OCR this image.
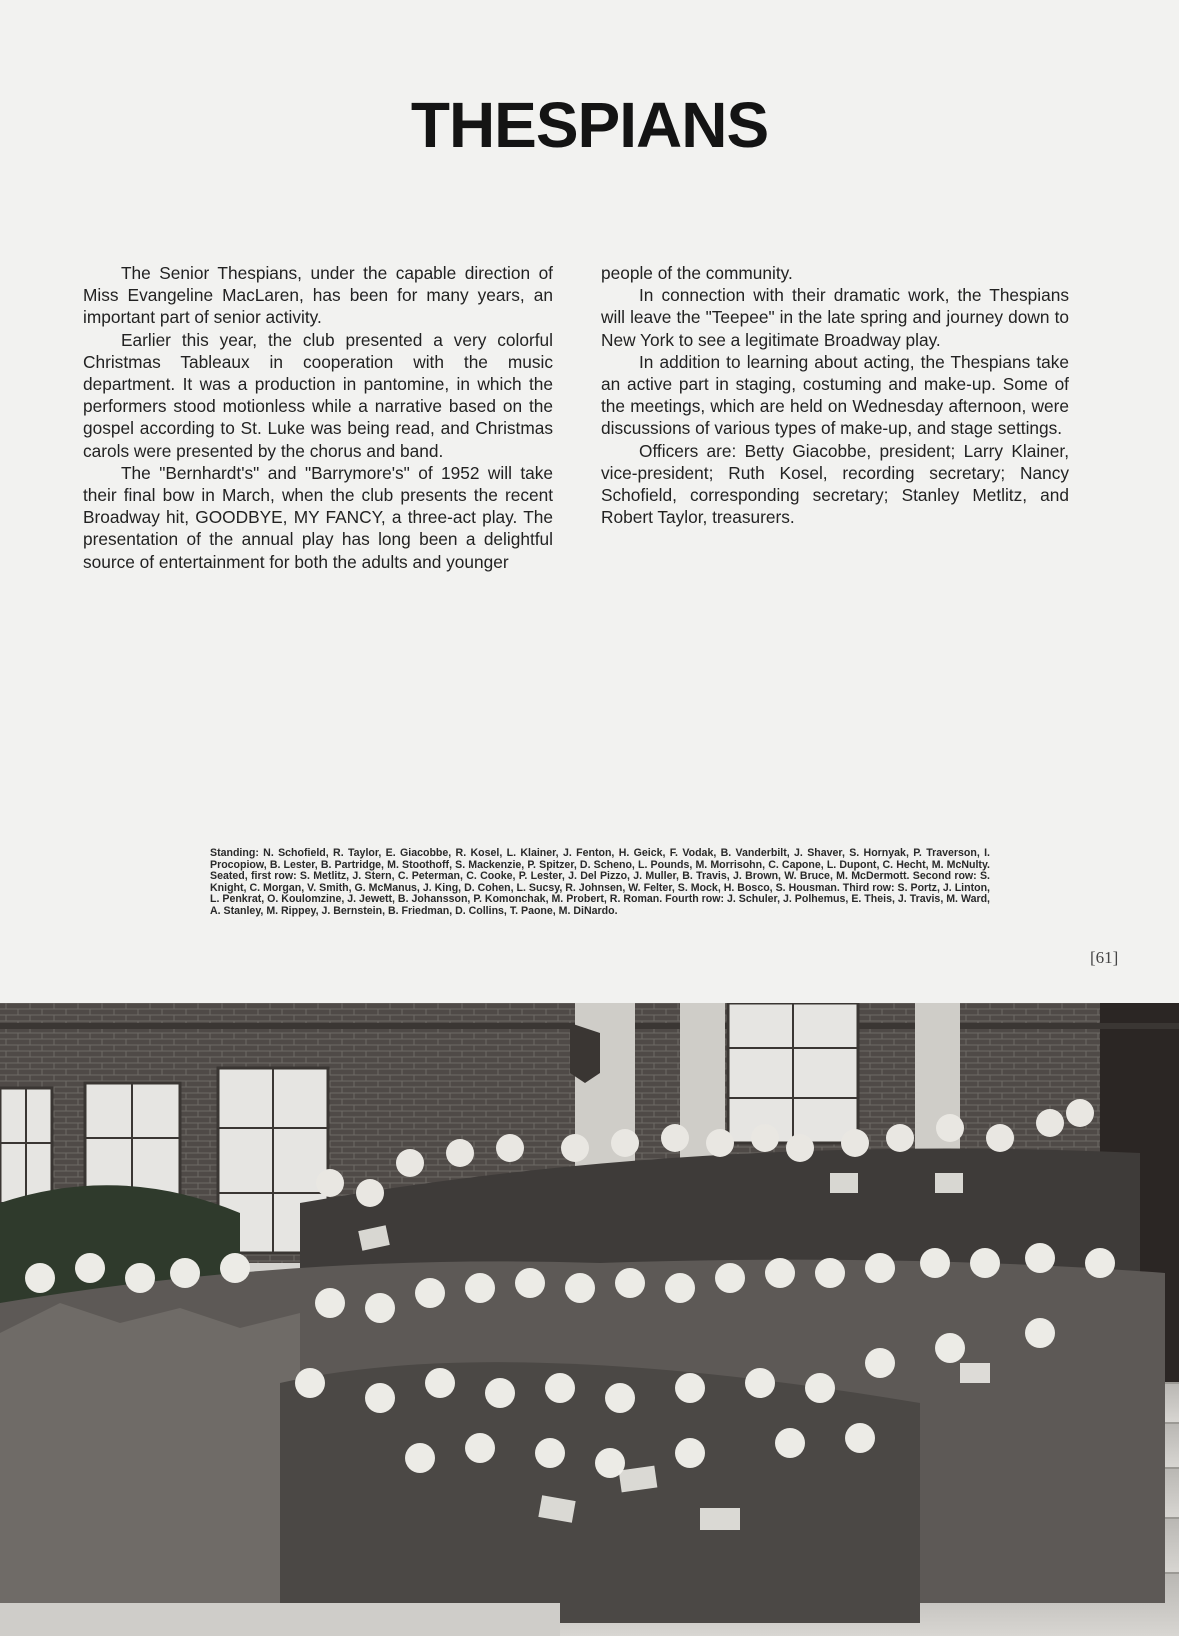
THESPIANS

The Senior Thespians, under the capable direction of Miss Evangeline MacLaren, has been for many years, an important part of senior activity.

Earlier this year, the club presented a very colorful Christmas Tableaux in cooperation with the music department. It was a production in pantomine, in which the performers stood motionless while a narrative based on the gospel according to St. Luke was being read, and Christmas carols were presented by the chorus and band.

The "Bernhardt's" and "Barrymore's" of 1952 will take their final bow in March, when the club presents the recent Broadway hit, GOODBYE, MY FANCY, a three-act play. The presentation of the annual play has long been a delightful source of entertainment for both the adults and younger

people of the community.

In connection with their dramatic work, the Thespians will leave the "Teepee" in the late spring and journey down to New York to see a legitimate Broadway play.

In addition to learning about acting, the Thespians take an active part in staging, costuming and make-up. Some of the meetings, which are held on Wednesday afternoon, were discussions of various types of make-up, and stage settings.

Officers are: Betty Giacobbe, president; Larry Klainer, vice-president; Ruth Kosel, recording secretary; Nancy Schofield, corresponding secretary; Stanley Metlitz, and Robert Taylor, treasurers.

Standing: N. Schofield, R. Taylor, E. Giacobbe, R. Kosel, L. Klainer, J. Fenton, H. Geick, F. Vodak, B. Vanderbilt, J. Shaver, S. Hornyak, P. Traverson, I. Procopiow, B. Lester, B. Partridge, M. Stoothoff, S. Mackenzie, P. Spitzer, D. Scheno, L. Pounds, M. Morrisohn, C. Capone, L. Dupont, C. Hecht, M. McNulty. Seated, first row: S. Metlitz, J. Stern, C. Peterman, C. Cooke, P. Lester, J. Del Pizzo, J. Muller, B. Travis, J. Brown, W. Bruce, M. McDermott. Second row: S. Knight, C. Morgan, V. Smith, G. McManus, J. King, D. Cohen, L. Sucsy, R. Johnsen, W. Felter, S. Mock, H. Bosco, S. Housman. Third row: S. Portz, J. Linton, L. Penkrat, O. Koulomzine, J. Jewett, B. Johansson, P. Komonchak, M. Probert, R. Roman. Fourth row: J. Schuler, J. Polhemus, E. Theis, J. Travis, M. Ward, A. Stanley, M. Rippey, J. Bernstein, B. Friedman, D. Collins, T. Paone, M. DiNardo.
[61]
